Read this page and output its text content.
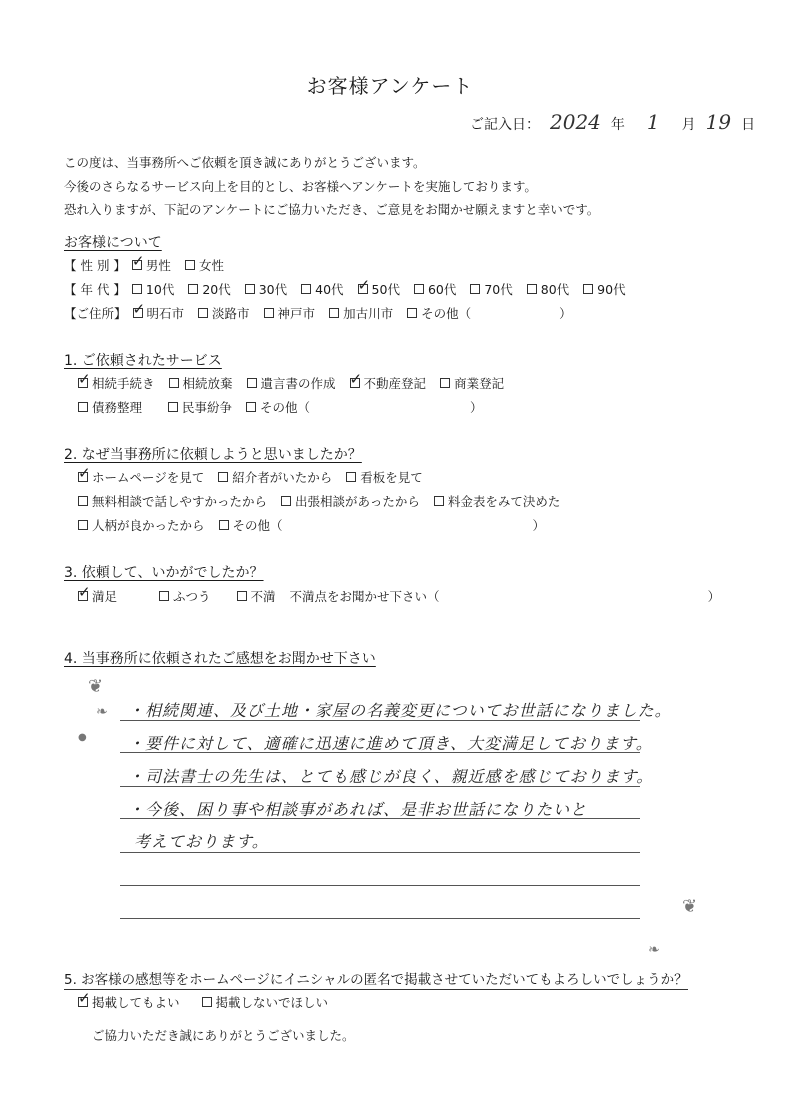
お客様アンケート
ご記入日： 2024 年 1 月 19 日
この度は、当事務所へご依頼を頂き誠にありがとうございます。
今後のさらなるサービス向上を目的とし、お客様へアンケートを実施しております。
恐れ入りますが、下記のアンケートにご協力いただき、ご意見をお聞かせ願えますと幸いです。
お客様について
【 性 別 】 ✓ 男性 女性
【 年 代 】 10代 20代 30代 40代 ✓ 50代 60代 70代 80代 90代
【ご住所】 ✓ 明石市 淡路市 神戸市 加古川市 その他（	）
1. ご依頼されたサービス
✓
相続手続き 相続放棄 遺言書の作成 ✓ 不動産登記 商業登記
債務整理	民事紛争 その他（	）
2. なぜ当事務所に依頼しようと思いましたか？
✓
ホームページを見て 紹介者がいたから 看板を見て
無料相談で話しやすかったから 出張相談があったから 料金表をみて決めた
人柄が良かったから その他（	）
3. 依頼して、いかがでしたか？
✓
満足	ふつう	不満 不満点をお聞かせ下さい（	）
4. 当事務所に依頼されたご感想をお聞かせ下さい
❦
❧
●
❦
❧
・相続関連、及び土地・家屋の名義変更についてお世話になりました。
・要件に対して、適確に迅速に進めて頂き、大変満足しております。
・司法書士の先生は、とても感じが良く、親近感を感じております。
・今後、困り事や相談事があれば、是非お世話になりたいと
考えております。
5. お客様の感想等をホームページにイニシャルの匿名で掲載させていただいてもよろしいでしょうか？
✓
掲載してもよい	掲載しないでほしい
ご協力いただき誠にありがとうございました。
